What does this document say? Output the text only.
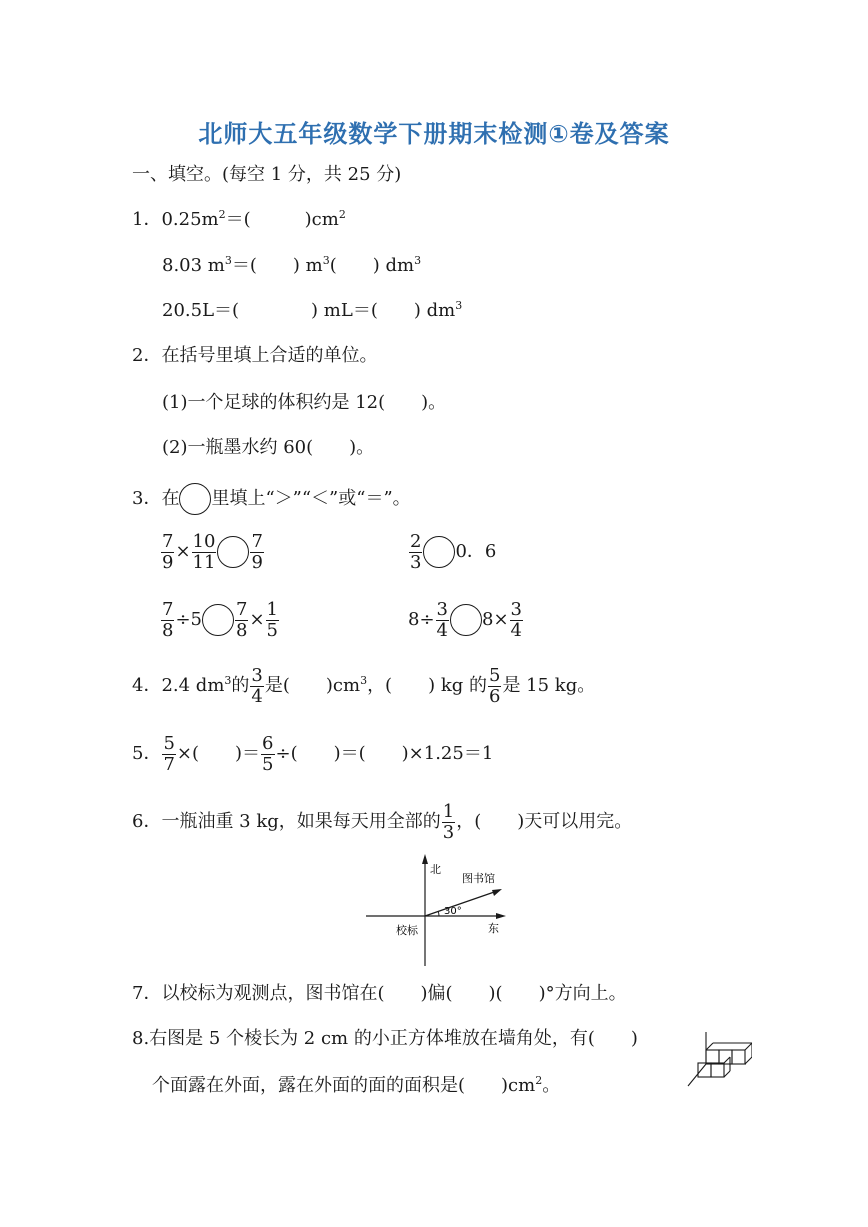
北师大五年级数学下册期末检测①卷及答案
一、填空。(每空 1 分，共 25 分)
1．$0.25m^2=$(　　　)$cm^2$
8.03 $m^3=$(　　) $m^3$(　　) $dm^3$
20.5L＝(　　　　) mL＝(　　) $dm^3$
2．在括号里填上合适的单位。
(1)一个足球的体积约是 12(　　)。
(2)一瓶墨水约 60(　　)。
3．在 里填上“＞”“＜”或“＝”。
$\frac{7}{9} \times \frac{10}{11} \frac{7}{9}$	$\frac{2}{3} 0$．6
$\frac{7}{8} \div 5 \frac{7}{8} \times \frac{1}{5}$	$8\div \frac{3}{4} 8\times \frac{3}{4}$
4．2.4 $dm^3$的 $\frac{3}{4}$ 是(　　)$cm^3$，(　　) kg 的 $\frac{5}{6}$ 是 15 kg。
5． $\frac{5}{7}$ ×(　　)＝ $\frac{6}{5}$ ÷(　　)＝(　　)×1.25＝1
6．一瓶油重 3 kg，如果每天用全部的 $\frac{1}{3}$ ，(　　)天可以用完。
北
东
校标
图书馆
30°
7．以校标为观测点，图书馆在(　　)偏(　　)(　　)°方向上。
8.右图是 5 个棱长为 2 cm 的小正方体堆放在墙角处，有(　　)
个面露在外面，露在外面的面的面积是(　　)$cm^2$。
